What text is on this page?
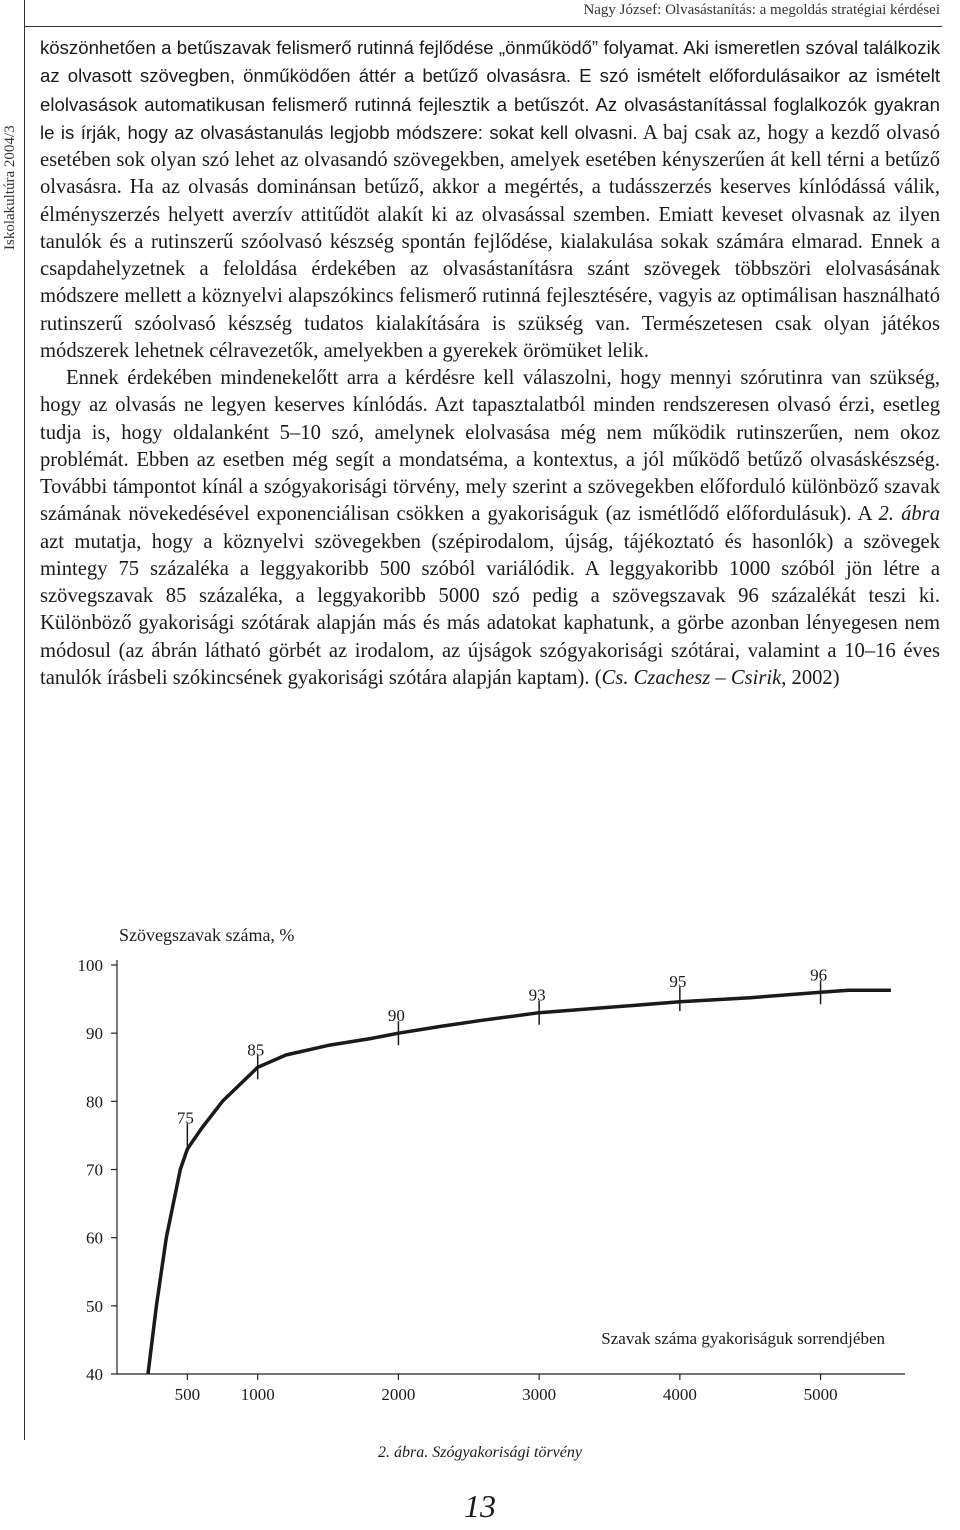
Iskolakultúra 2004/3
Nagy József: Olvasástanítás: a megoldás stratégiai kérdései

köszönhetően a betűszavak felismerő rutinná fejlődése „önműködő” folyamat. Aki ismeretlen szóval találkozik az olvasott szövegben, önműködően áttér a betűző olvasásra. E szó ismételt előfordulásaikor az ismételt elolvasások automatikusan felismerő rutinná fejlesztik a betűszót. Az olvasástanítással foglalkozók gyakran le is írják, hogy az olvasástanulás legjobb módszere: sokat kell olvasni. A baj csak az, hogy a kezdő olvasó esetében sok olyan szó lehet az olvasandó szövegekben, amelyek esetében kényszerűen át kell térni a betűző olvasásra. Ha az olvasás dominánsan betűző, akkor a megértés, a tudásszerzés keserves kínlódássá válik, élményszerzés helyett averzív attitűdöt alakít ki az olvasással szemben. Emiatt keveset olvasnak az ilyen tanulók és a rutinszerű szóolvasó készség spontán fejlődése, kialakulása sokak számára elmarad. Ennek a csapdahelyzetnek a feloldása érdekében az olvasástanításra szánt szövegek többszöri elolvasásának módszere mellett a köznyelvi alapszókincs felismerő rutinná fejlesztésére, vagyis az optimálisan használható rutinszerű szóolvasó készség tudatos kialakítására is szükség van. Természetesen csak olyan játékos módszerek lehetnek célravezetők, amelyekben a gyerekek örömüket lelik.

Ennek érdekében mindenekelőtt arra a kérdésre kell válaszolni, hogy mennyi szórutinra van szükség, hogy az olvasás ne legyen keserves kínlódás. Azt tapasztalatból minden rendszeresen olvasó érzi, esetleg tudja is, hogy oldalanként 5–10 szó, amelynek elolvasása még nem működik rutinszerűen, nem okoz problémát. Ebben az esetben még segít a mondatséma, a kontextus, a jól működő betűző olvasáskészség. További támpontot kínál a szógyakorisági törvény, mely szerint a szövegekben előforduló különböző szavak számának növekedésével exponenciálisan csökken a gyakoriságuk (az ismétlődő előfordulásuk). A 2. ábra azt mutatja, hogy a köznyelvi szövegekben (szépirodalom, újság, tájékoztató és hasonlók) a szövegek mintegy 75 százaléka a leggyakoribb 500 szóból variálódik. A leggyakoribb 1000 szóból jön létre a szövegszavak 85 százaléka, a leggyakoribb 5000 szó pedig a szövegszavak 96 százalékát teszi ki. Különböző gyakorisági szótárak alapján más és más adatokat kaphatunk, a görbe azonban lényegesen nem módosul (az ábrán látható görbét az irodalom, az újságok szógyakorisági szótárai, valamint a 10–16 éves tanulók írásbeli szókincsének gyakorisági szótára alapján kaptam). (Cs. Czachesz – Csirik, 2002)

40
50
60
70
80
90
100
500 1000	2000	3000	4000	5000
Szövegszavak száma, %
Szavak száma gyakoriságuk sorrendjében
75
85
90
93
95	96
2. ábra. Szógyakorisági törvény
13
